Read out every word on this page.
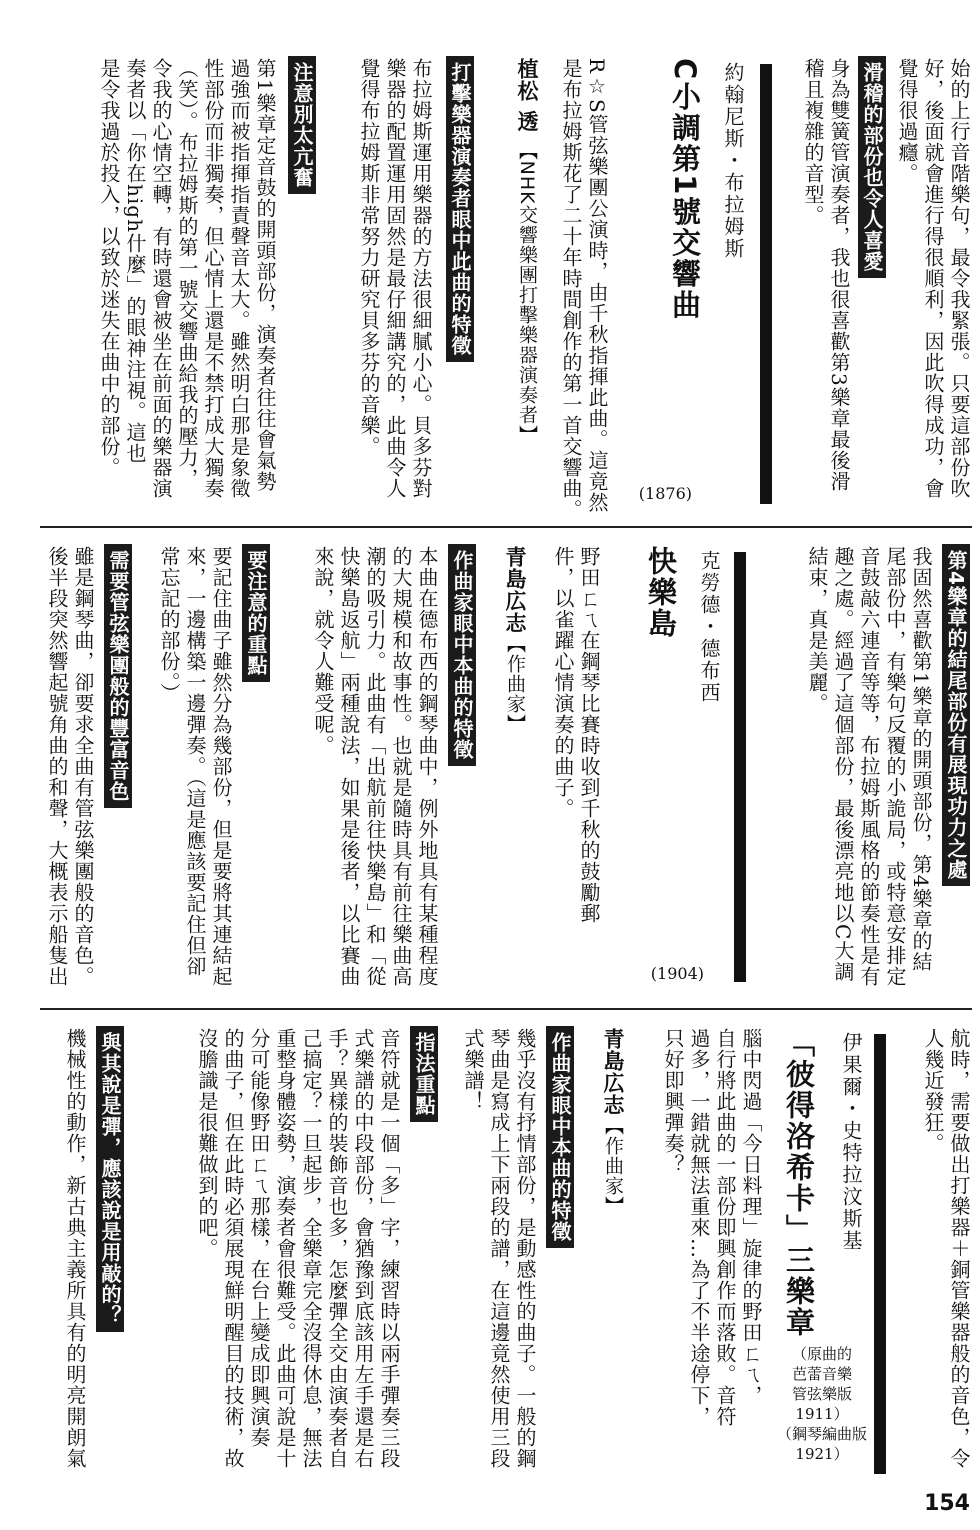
始的上行音階樂句，最令我緊張。只要這部份吹
好，後面就會進行得很順利，因此吹得成功，會
覺得很過癮。
滑稽的部份也令人喜愛
身為雙簧管演奏者，我也很喜歡第3樂章最後滑
稽且複雜的音型。
約翰尼斯・布拉姆斯
C小調第1號交響曲
(1876)
R☆S管弦樂團公演時，由千秋指揮此曲。這竟然
是布拉姆斯花了二十年時間創作的第一首交響曲。
植松 透 【NHK交響樂團打擊樂器演奏者】
打擊樂器演奏者眼中此曲的特徵
布拉姆斯運用樂器的方法很細膩小心。貝多芬對
樂器的配置運用固然是最仔細講究的，此曲令人
覺得布拉姆斯非常努力研究貝多芬的音樂。
注意別太亢奮
第1樂章定音鼓的開頭部份，演奏者往往會氣勢
過強而被指揮指責聲音太大。雖然明白那是象徵
性部份而非獨奏，但心情上還是不禁打成大獨奏
（笑）。布拉姆斯的第一號交響曲給我的壓力，
令我的心情空轉，有時還會被坐在前面的樂器演
奏者以「你在high什麼」的眼神注視。這也
是令我過於投入，以致於迷失在曲中的部份。
第4樂章的結尾部份有展現功力之處
我固然喜歡第1樂章的開頭部份，第4樂章的結
尾部份中，有樂句反覆的小詭局，或特意安排定
音鼓敲六連音等等，布拉姆斯風格的節奏性是有
趣之處。經過了這個部份，最後漂亮地以C大調
結束，真是美麗。
克勞德・德布西
快樂島
(1904)
野田ㄈㄟ在鋼琴比賽時收到千秋的鼓勵郵
件，以雀躍心情演奏的曲子。
青島広志【作曲家】
作曲家眼中本曲的特徵
本曲在德布西的鋼琴曲中，例外地具有某種程度
的大規模和故事性。也就是隨時具有前往樂曲高
潮的吸引力。此曲有「出航前往快樂島」和「從
快樂島返航」兩種說法，如果是後者，以比賽曲
來說，就令人難受呢。
要注意的重點
要記住曲子雖然分為幾部份，但是要將其連結起
來，一邊構築一邊彈奏。（這是應該要記住但卻
常忘記的部份。）
需要管弦樂團般的豐富音色
雖是鋼琴曲，卻要求全曲有管弦樂團般的音色。
後半段突然響起號角曲的和聲，大概表示船隻出
航時，需要做出打樂器＋銅管樂器般的音色，令
人幾近發狂。
伊果爾・史特拉汶斯基
「彼得洛希卡」三樂章
（原曲的
芭蕾音樂
管弦樂版
1911）
（鋼琴編曲版
1921）
腦中閃過「今日料理」旋律的野田ㄈㄟ，
自行將此曲的一部份即興創作而落敗。音符
過多，一錯就無法重來…為了不半途停下，
只好即興彈奏？
青島広志【作曲家】
作曲家眼中本曲的特徵
幾乎沒有抒情部份，是動感性的曲子。一般的鋼
琴曲是寫成上下兩段的譜，在這邊竟然使用三段
式樂譜！
指法重點
音符就是一個「多」字，練習時以兩手彈奏三段
式樂譜的中段部份，會猶豫到底該用左手還是右
手？異樣的裝飾音也多，怎麼彈全交由演奏者自
己搞定？一旦起步，全樂章完全沒得休息，無法
重整身體姿勢，演奏者會很難受。此曲可說是十
分可能像野田ㄈㄟ那樣，在台上變成即興演奏
的曲子，但在此時必須展現鮮明醒目的技術，故
沒膽識是很難做到的吧。
與其說是彈，應該說是用敲的？
機械性的動作，新古典主義所具有的明亮開朗氣
154
